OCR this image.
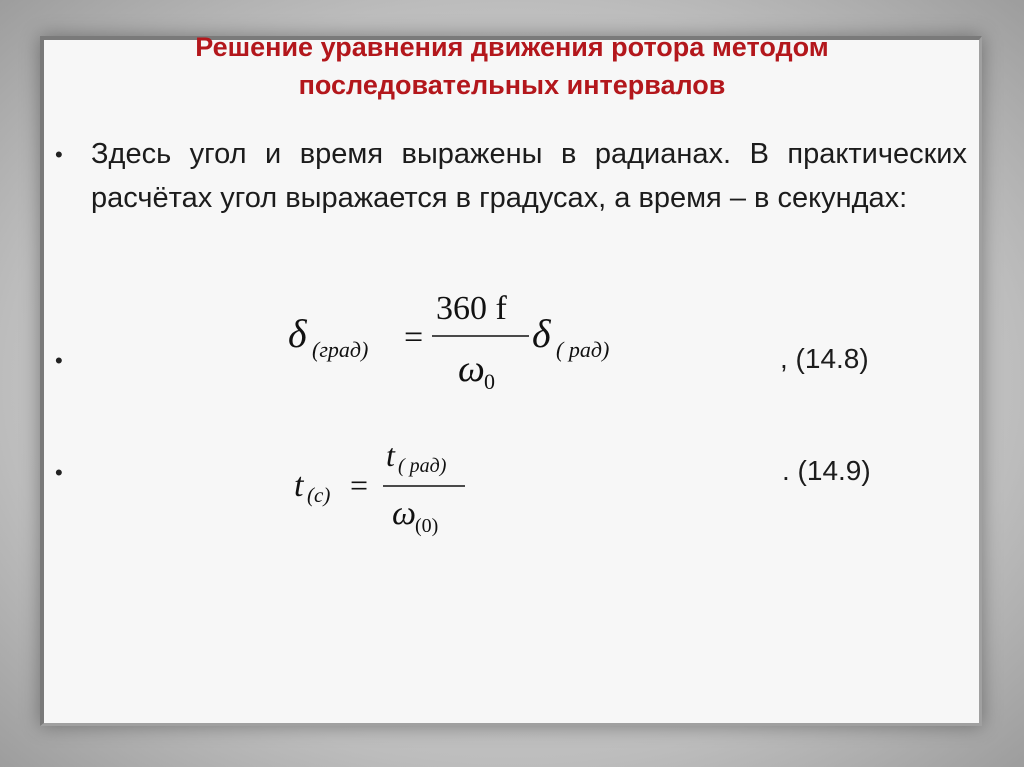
Решение уравнения движения ротора методом
последовательных интервалов
• Здесь угол и время выражены в радианах. В практических расчётах угол выражается в градусах, а время – в секундах:
•
δ (град) =
360 f
ω 0
δ ( рад)	, (14.8)
•	t (c) =
t ( рад)
ω
(0)
. (14.9)
